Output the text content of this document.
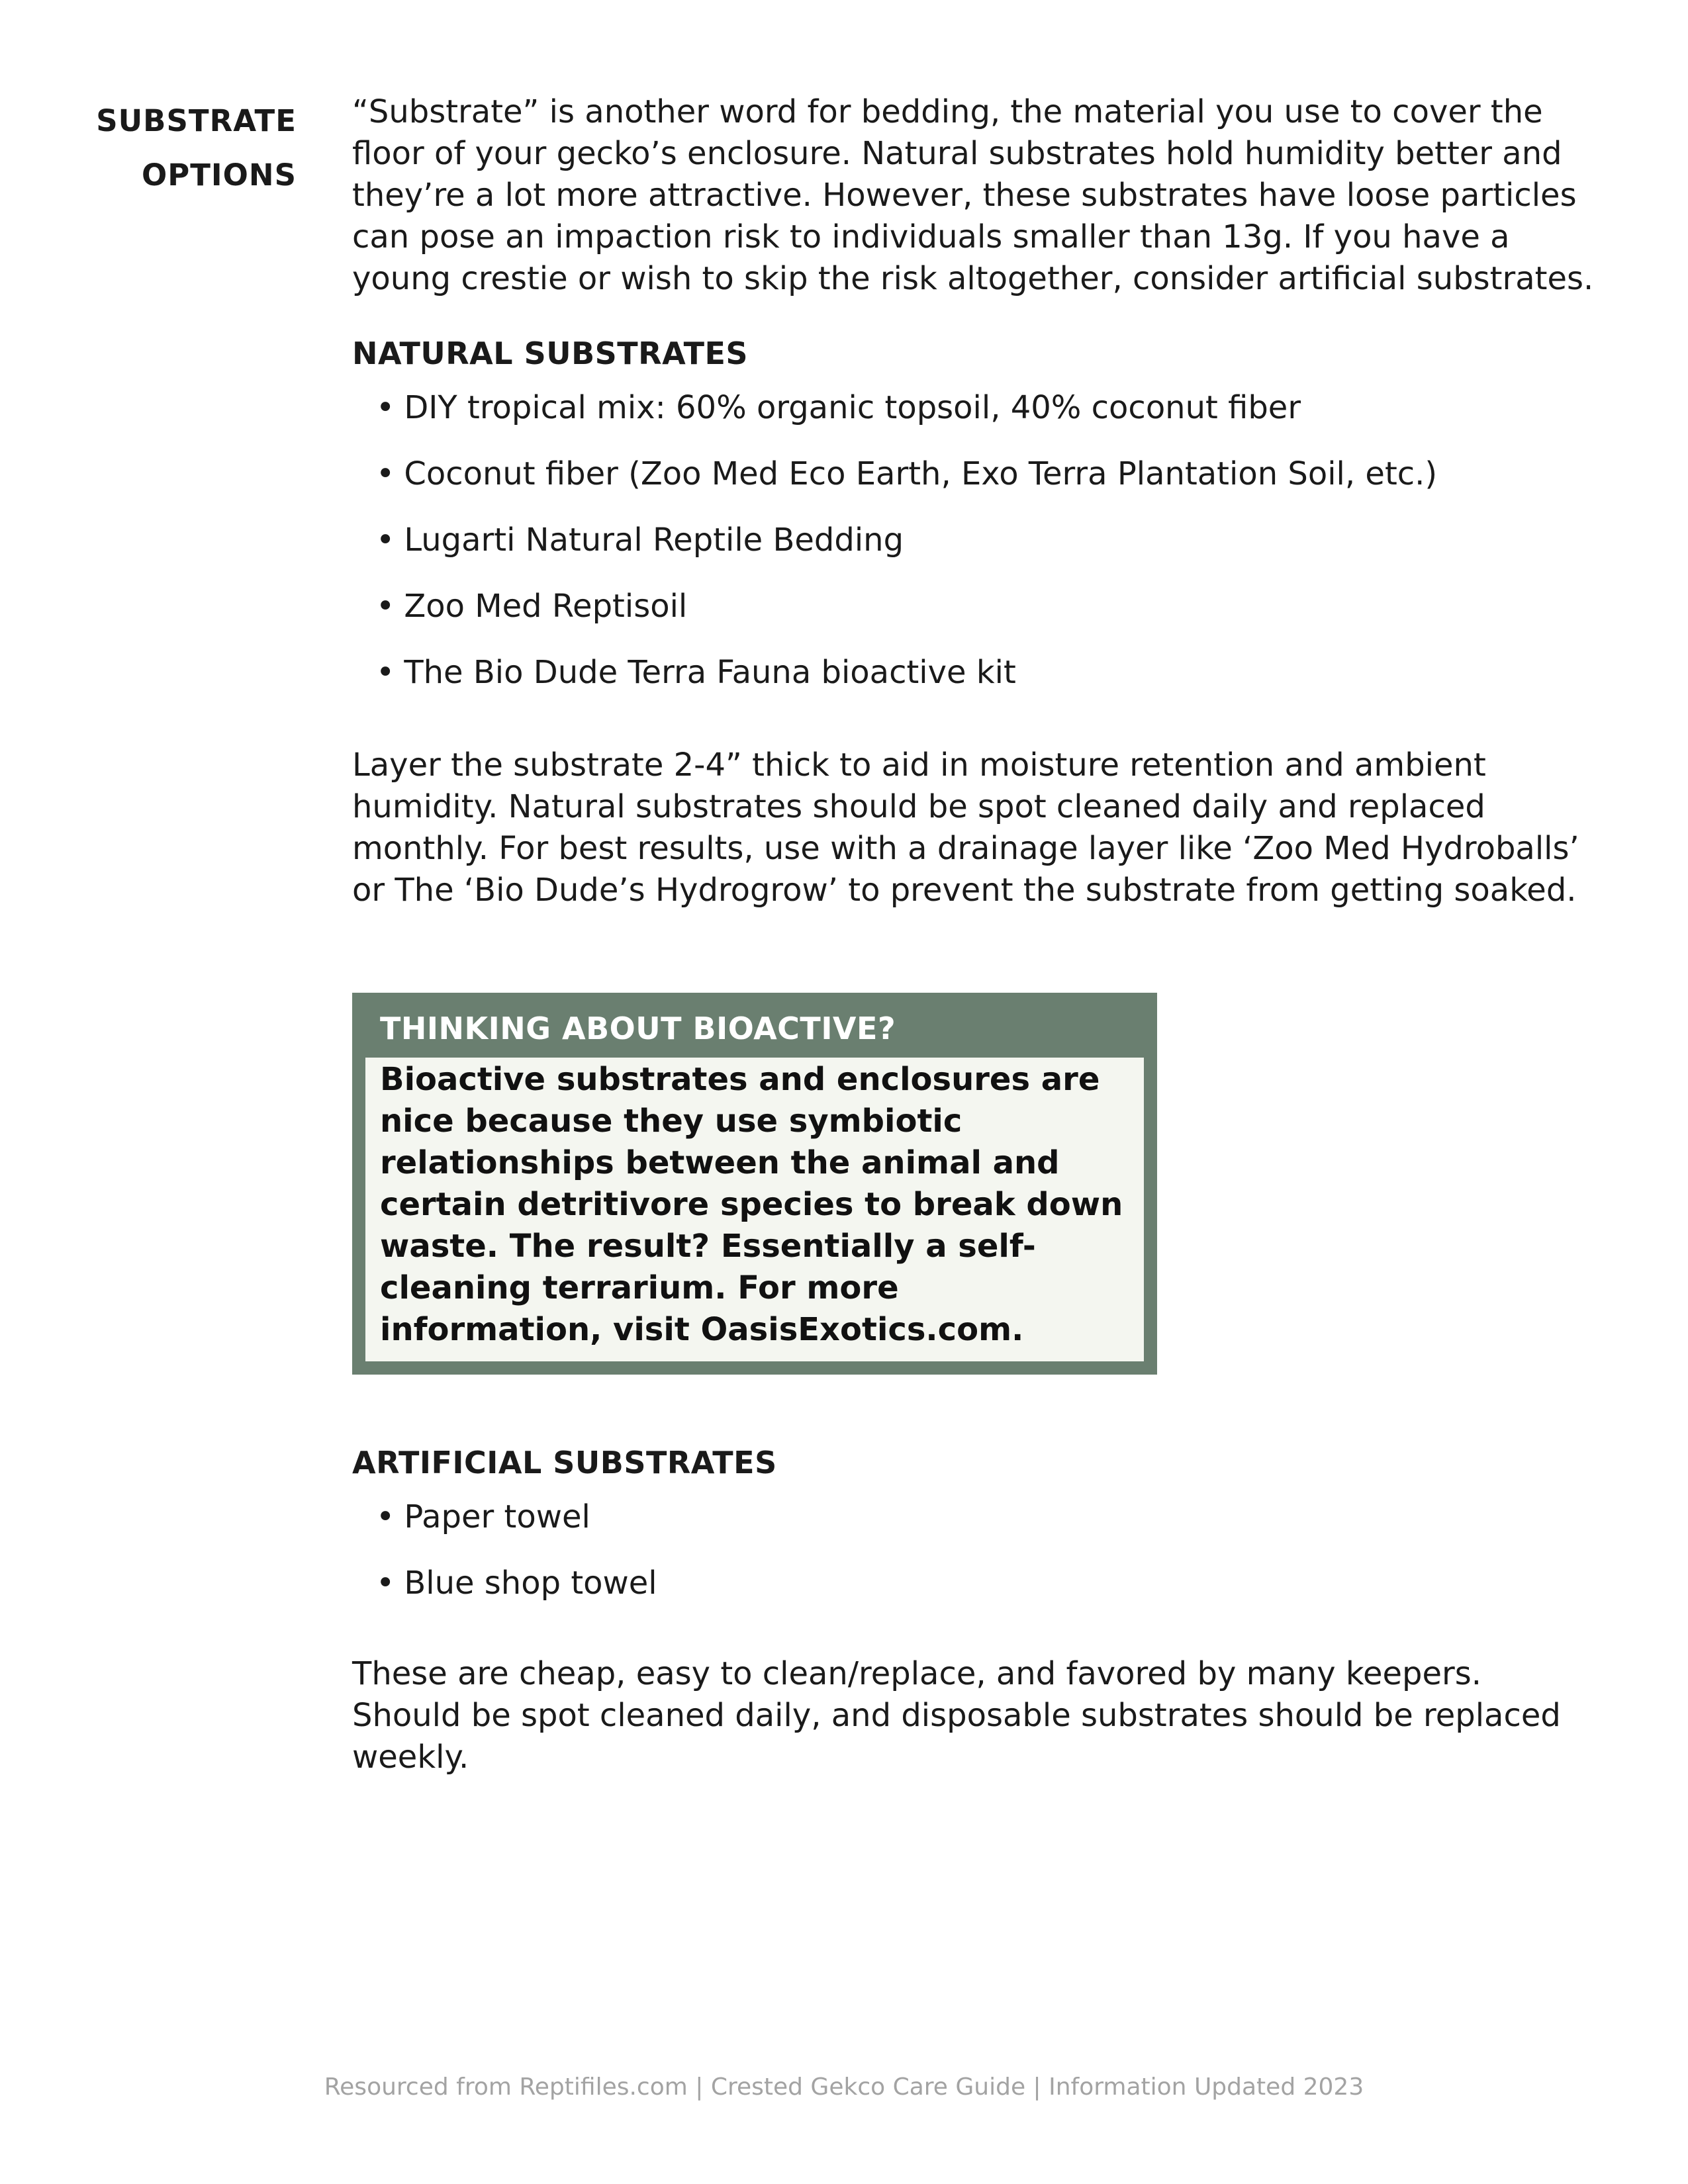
SUBSTRATE
OPTIONS

“Substrate” is another word for bedding, the material you use to cover the floor of your gecko’s enclosure. Natural substrates hold humidity better and they’re a lot more attractive. However, these substrates have loose particles can pose an impaction risk to individuals smaller than 13g. If you have a young crestie or wish to skip the risk altogether, consider artificial substrates.

NATURAL SUBSTRATES
• DIY tropical mix: 60% organic topsoil, 40% coconut fiber
• Coconut fiber (Zoo Med Eco Earth, Exo Terra Plantation Soil, etc.)
• Lugarti Natural Reptile Bedding
• Zoo Med Reptisoil
• The Bio Dude Terra Fauna bioactive kit

Layer the substrate 2-4” thick to aid in moisture retention and ambient humidity. Natural substrates should be spot cleaned daily and replaced monthly. For best results, use with a drainage layer like ‘Zoo Med Hydroballs’ or The ‘Bio Dude’s Hydrogrow’ to prevent the substrate from getting soaked.

THINKING ABOUT BIOACTIVE?
Bioactive substrates and enclosures are nice because they use symbiotic relationships between the animal and certain detritivore species to break down waste. The result? Essentially a self-cleaning terrarium. For more information, visit OasisExotics.com.
ARTIFICIAL SUBSTRATES
• Paper towel
• Blue shop towel

These are cheap, easy to clean/replace, and favored by many keepers. Should be spot cleaned daily, and disposable substrates should be replaced weekly.

Resourced from Reptifiles.com | Crested Gekco Care Guide | Information Updated 2023
